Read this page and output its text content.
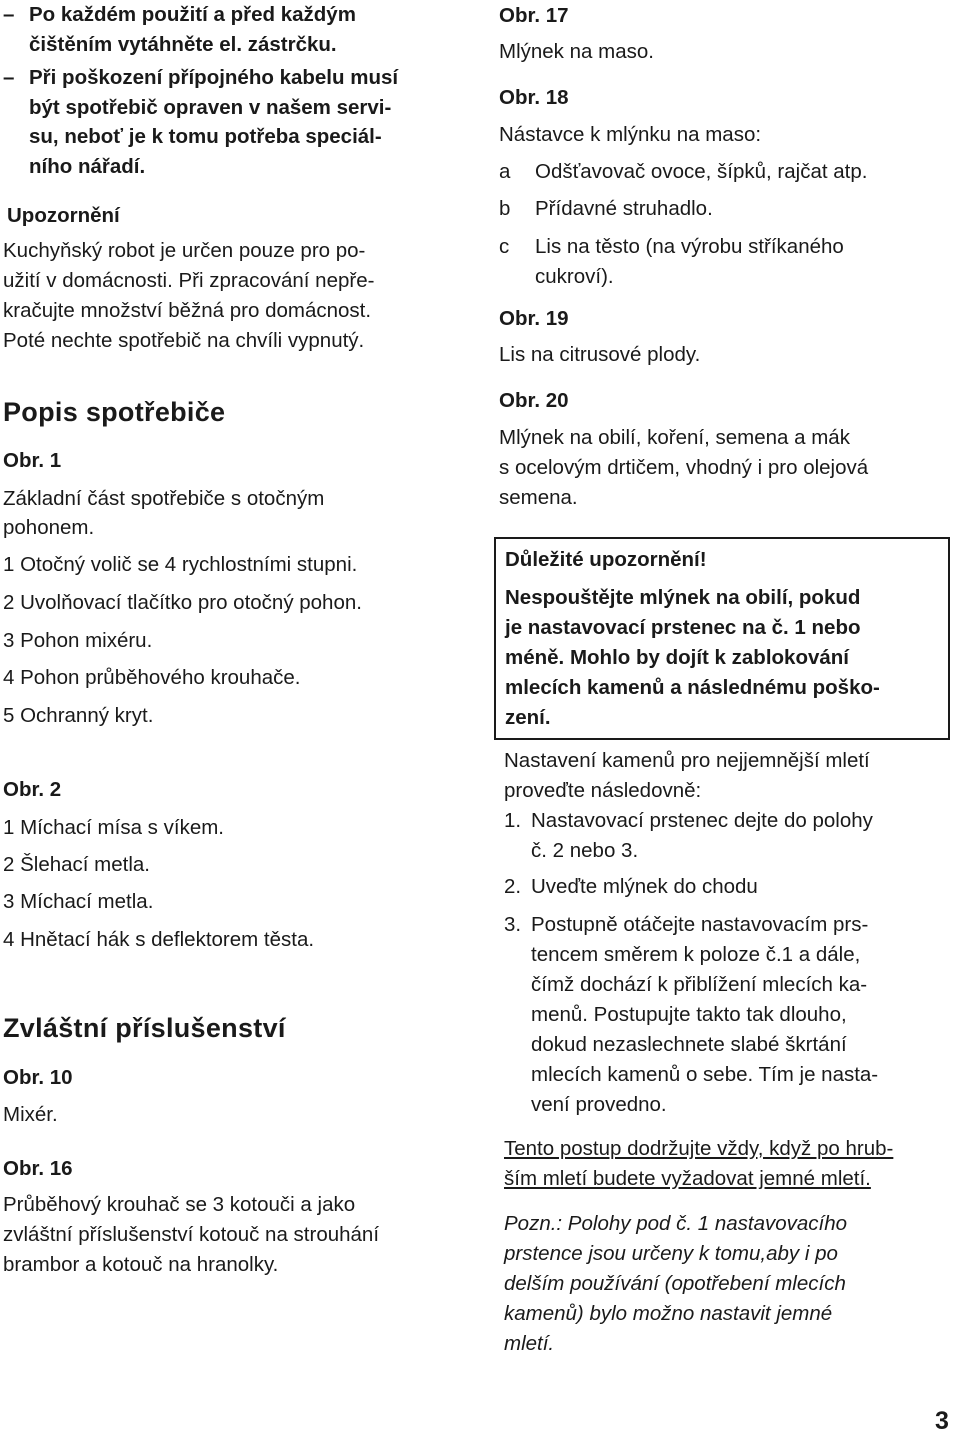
– Po každém použití a před každým
čištěním vytáhněte el. zástrčku.
– Při poškození přípojného kabelu musí
být spotřebič opraven v našem servi-
su, neboť je k tomu potřeba speciál-
ního nářadí.
Upozornění
Kuchyňský robot je určen pouze pro po-
užití v domácnosti. Při zpracování nepře-
kračujte množství běžná pro domácnost.
Poté nechte spotřebič na chvíli vypnutý.
Popis spotřebiče
Obr. 1
Základní část spotřebiče s otočným
pohonem.
1 Otočný volič se 4 rychlostními stupni.
2 Uvolňovací tlačítko pro otočný pohon.
3 Pohon mixéru.
4 Pohon průběhového krouhače.
5 Ochranný kryt.
Obr. 2
1 Míchací mísa s víkem.
2 Šlehací metla.
3 Míchací metla.
4 Hnětací hák s deflektorem těsta.
Zvláštní příslušenství
Obr. 10
Mixér.
Obr. 16
Průběhový krouhač se 3 kotouči a jako
zvláštní příslušenství kotouč na strouhání
brambor a kotouč na hranolky.
Obr. 17
Mlýnek na maso.
Obr. 18
Nástavce k mlýnku na maso:
a	Odšťavovač ovoce, šípků, rajčat atp.
b	Přídavné struhadlo.
c	Lis na těsto (na výrobu stříkaného
cukroví).
Obr. 19
Lis na citrusové plody.
Obr. 20
Mlýnek na obilí, koření, semena a mák
s ocelovým drtičem, vhodný i pro olejová
semena.
Důležité upozornění!
Nespouštějte mlýnek na obilí, pokud
je nastavovací prstenec na č. 1 nebo
méně. Mohlo by dojít k zablokování
mlecích kamenů a následnému poško-
zení.
Nastavení kamenů pro nejjemnější mletí
proveďte následovně:
1. Nastavovací prstenec dejte do polohy
č. 2 nebo 3.
2. Uveďte mlýnek do chodu
3. Postupně otáčejte nastavovacím prs-
tencem směrem k poloze č.1 a dále,
čímž dochází k přiblížení mlecích ka-
menů. Postupujte takto tak dlouho,
dokud nezaslechnete slabé škrtání
mlecích kamenů o sebe. Tím je nasta-
vení provedno.
Tento postup dodržujte vždy, když po hrub-
ším mletí budete vyžadovat jemné mletí.
Pozn.: Polohy pod č. 1 nastavovacího
prstence jsou určeny k tomu,aby i po
delším používání (opotřebení mlecích
kamenů) bylo možno nastavit jemné
mletí.
3
